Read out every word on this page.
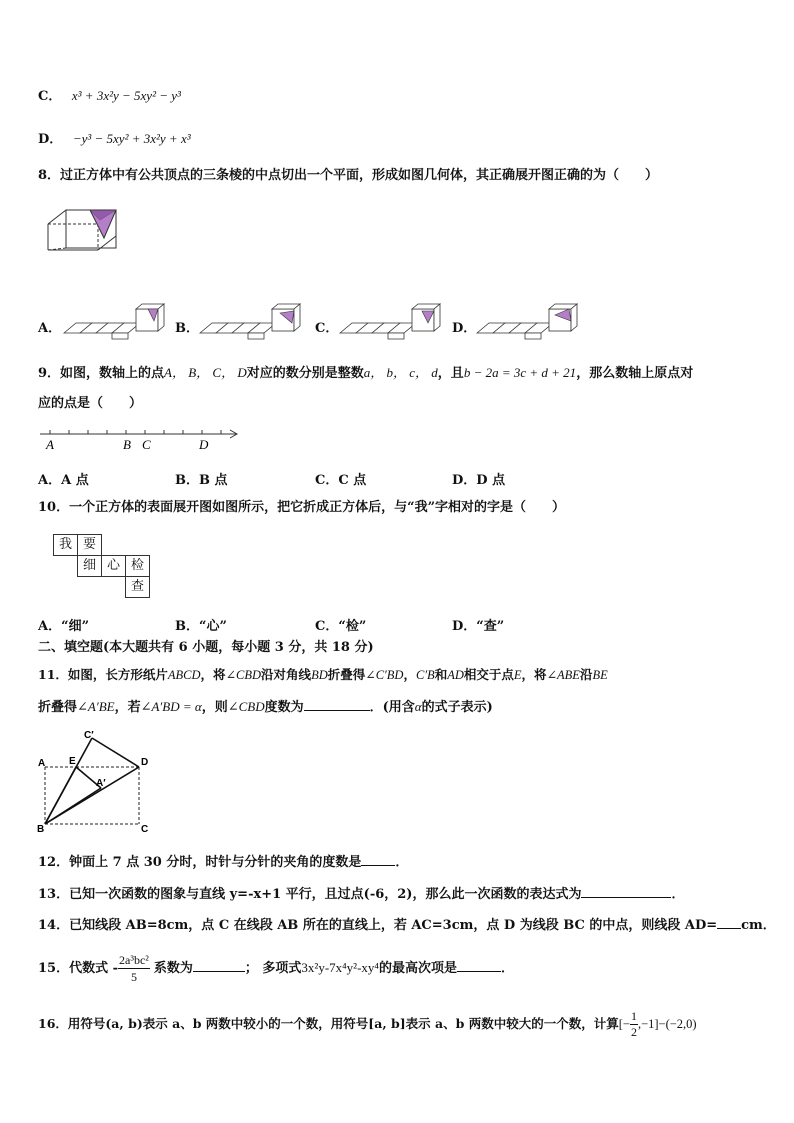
C． x³ + 3x²y − 5xy² − y³
D． −y³ − 5xy² + 3x²y + x³
8．过正方体中有公共顶点的三条棱的中点切出一个平面，形成如图几何体，其正确展开图正确的为（　　）
A．	B．	C．	D．
9．如图，数轴上的点A， B， C， D对应的数分别是整数a， b， c， d，且b − 2a = 3c + d + 21，那么数轴上原点对
应的点是（　　）
A	B C	D
A．A 点	B．B 点	C．C 点	D．D 点
10．一个正方体的表面展开图如图所示，把它折成正方体后，与“我”字相对的字是（　　）
我 要
细 心 检
查
A．“细”	B．“心”	C．“检”	D．“查”
二、填空题(本大题共有 6 小题，每小题 3 分，共 18 分)
11．如图，长方形纸片ABCD，将∠CBD沿对角线BD折叠得∠C′BD，C′B和AD相交于点E，将∠ABE沿BE
折叠得∠A′BE，若∠A′BD = α，则∠CBD度数为	．(用含α的式子表示)
C′
A E	D
A′
B	C
12．钟面上 7 点 30 分时，时针与分针的夹角的度数是	．
13．已知一次函数的图象与直线 y=-x+1 平行，且过点(-6，2)，那么此一次函数的表达式为	．
14．已知线段 AB=8cm，点 C 在线段 AB 所在的直线上，若 AC=3cm，点 D 为线段 BC 的中点，则线段 AD= cm．
15．代数式 - $\frac{\text{2a³bc²}}{5}$ 系数为	； 多项式3x²y-7x⁴y²-xy⁴的最高次项是	．
16．用符号(a, b)表示 a、b 两数中较小的一个数，用符号[a, b]表示 a、b 两数中较大的一个数，计算[− $\frac{1}{2} ,-1]-(-2,0)$
